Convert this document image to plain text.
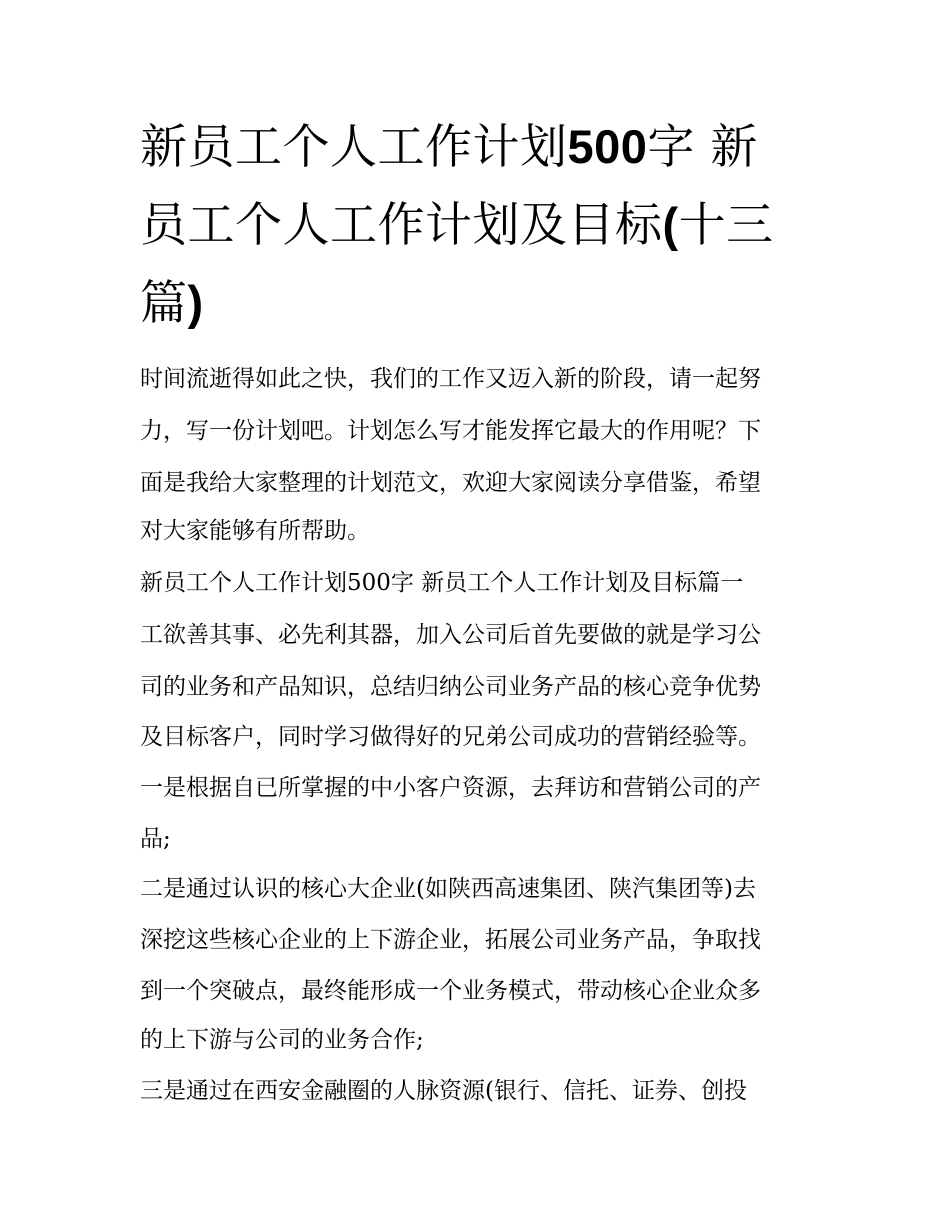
新员工个人工作计划500字 新
员工个人工作计划及目标(十三
篇)
时间流逝得如此之快，我们的工作又迈入新的阶段，请一起努
力，写一份计划吧。计划怎么写才能发挥它最大的作用呢？下
面是我给大家整理的计划范文，欢迎大家阅读分享借鉴，希望
对大家能够有所帮助。
新员工个人工作计划500字 新员工个人工作计划及目标篇一
工欲善其事、必先利其器，加入公司后首先要做的就是学习公
司的业务和产品知识，总结归纳公司业务产品的核心竞争优势
及目标客户，同时学习做得好的兄弟公司成功的营销经验等。
一是根据自已所掌握的中小客户资源，去拜访和营销公司的产
品;
二是通过认识的核心大企业(如陕西高速集团、陕汽集团等)去
深挖这些核心企业的上下游企业，拓展公司业务产品，争取找
到一个突破点，最终能形成一个业务模式，带动核心企业众多
的上下游与公司的业务合作;
三是通过在西安金融圈的人脉资源(银行、信托、证券、创投
